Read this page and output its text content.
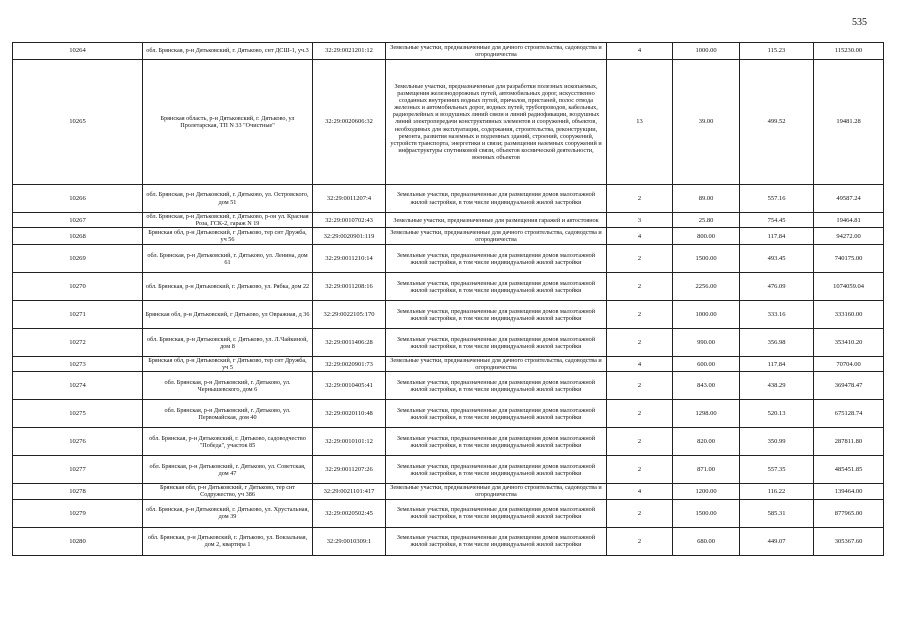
535
10264	обл. Брянская, р-н Дятьковский, г. Дятьково, снт ДСШ-1, уч.3	32:29:0021201:12	Земельные участки, предназначенные для дачного строительства, садоводства и огородничества	4	1000.00	115.23	115230.00
10265	Брянская область, р-н Дятьковский, г. Дятьково, ул Пролетарская, ТП N 33 "Очистные"	32:29:0020606:32	Земельные участки, предназначенные для разработки полезных ископаемых, размещения железнодорожных путей, автомобильных дорог, искусственно созданных внутренних водных путей, причалов, пристаней, полос отвода железных и автомобильных дорог, водных путей, трубопроводов, кабельных, радиорелейных и воздушных линий связи и линий радиофикации, воздушных линий электропередачи конструктивных элементов и сооружений, объектов, необходимых для эксплуатации, содержания, строительства, реконструкции, ремонта, развития наземных и подземных зданий, строений, сооружений, устройств транспорта, энергетики и связи; размещения наземных сооружений и инфраструктуры спутниковой связи, объектов космической деятельности, военных объектов	13	39.00	499.52	19481.28
10266	обл. Брянская, р-н Дятьковский, г. Дятьково, ул. Островского, дом 51	32:29:0011207:4	Земельные участки, предназначенные для размещения домов малоэтажной жилой застройки, в том числе индивидуальной жилой застройки	2	89.00	557.16	49587.24
10267	обл. Брянская, р-н Дятьковский, г. Дятьково, р-он ул. Красная Роза, ГСК-2, гараж N 19	32:29:0010702:43	Земельные участки, предназначенные для размещения гаражей и автостоянок	3	25.80	754.45	19464.81
10268	Брянская обл, р-н Дятьковский, г Дятьково, тер снт Дружба, уч 56	32:29:0020901:119	Земельные участки, предназначенные для дачного строительства, садоводства и огородничества	4	800.00	117.84	94272.00
10269	обл. Брянская, р-н Дятьковский, г. Дятьково, ул. Ленина, дом 61	32:29:0011210:14	Земельные участки, предназначенные для размещения домов малоэтажной жилой застройки, в том числе индивидуальной жилой застройки	2	1500.00	493.45	740175.00
10270	обл. Брянская, р-н Дятьковский, г. Дятьково, ул. Рябка, дом 22	32:29:0011208:16	Земельные участки, предназначенные для размещения домов малоэтажной жилой застройки, в том числе индивидуальной жилой застройки	2	2256.00	476.09	1074059.04
10271	Брянская обл, р-н Дятьковский, г Дятьково, ул Овражная, д 36	32:29:0022105:170	Земельные участки, предназначенные для размещения домов малоэтажной жилой застройки, в том числе индивидуальной жилой застройки	2	1000.00	333.16	333160.00
10272	обл. Брянская, р-н Дятьковский, г. Дятьково, ул. Л.Чайкиной, дом 8	32:29:0011406:28	Земельные участки, предназначенные для размещения домов малоэтажной жилой застройки, в том числе индивидуальной жилой застройки	2	990.00	356.98	353410.20
10273	Брянская обл, р-н Дятьковский, г Дятьково, тер снт Дружба, уч 5	32:29:0020901:73	Земельные участки, предназначенные для дачного строительства, садоводства и огородничества	4	600.00	117.84	70704.00
10274	обл. Брянская, р-н Дятьковский, г. Дятьково, ул. Чернышевского, дом 6	32:29:0010405:41	Земельные участки, предназначенные для размещения домов малоэтажной жилой застройки, в том числе индивидуальной жилой застройки	2	843.00	438.29	369478.47
10275	обл. Брянская, р-н Дятьковский, г. Дятьково, ул. Первомайская, дом 40	32:29:0020110:48	Земельные участки, предназначенные для размещения домов малоэтажной жилой застройки, в том числе индивидуальной жилой застройки	2	1298.00	520.13	675128.74
10276	обл. Брянская, р-н Дятьковский, г. Дятьково, садоводчество "Победа", участок 85	32:29:0010101:12	Земельные участки, предназначенные для размещения домов малоэтажной жилой застройки, в том числе индивидуальной жилой застройки	2	820.00	350.99	287811.80
10277	обл. Брянская, р-н Дятьковский, г. Дятьково, ул. Советская, дом 47	32:29:0011207:26	Земельные участки, предназначенные для размещения домов малоэтажной жилой застройки, в том числе индивидуальной жилой застройки	2	871.00	557.35	485451.85
10278	Брянская обл, р-н Дятьковский, г Дятьково, тер снт Содружество, уч 386	32:29:0021101:417	Земельные участки, предназначенные для дачного строительства, садоводства и огородничества	4	1200.00	116.22	139464.00
10279	обл. Брянская, р-н Дятьковский, г. Дятьково, ул. Хрустальная, дом 39	32:29:0020502:45	Земельные участки, предназначенные для размещения домов малоэтажной жилой застройки, в том числе индивидуальной жилой застройки	2	1500.00	585.31	877965.00
10280	обл. Брянская, р-н Дятьковский, г. Дятьково, ул. Вокзальная, дом 2, квартира 1	32:29:0010309:1	Земельные участки, предназначенные для размещения домов малоэтажной жилой застройки, в том числе индивидуальной жилой застройки	2	680.00	449.07	305367.60
